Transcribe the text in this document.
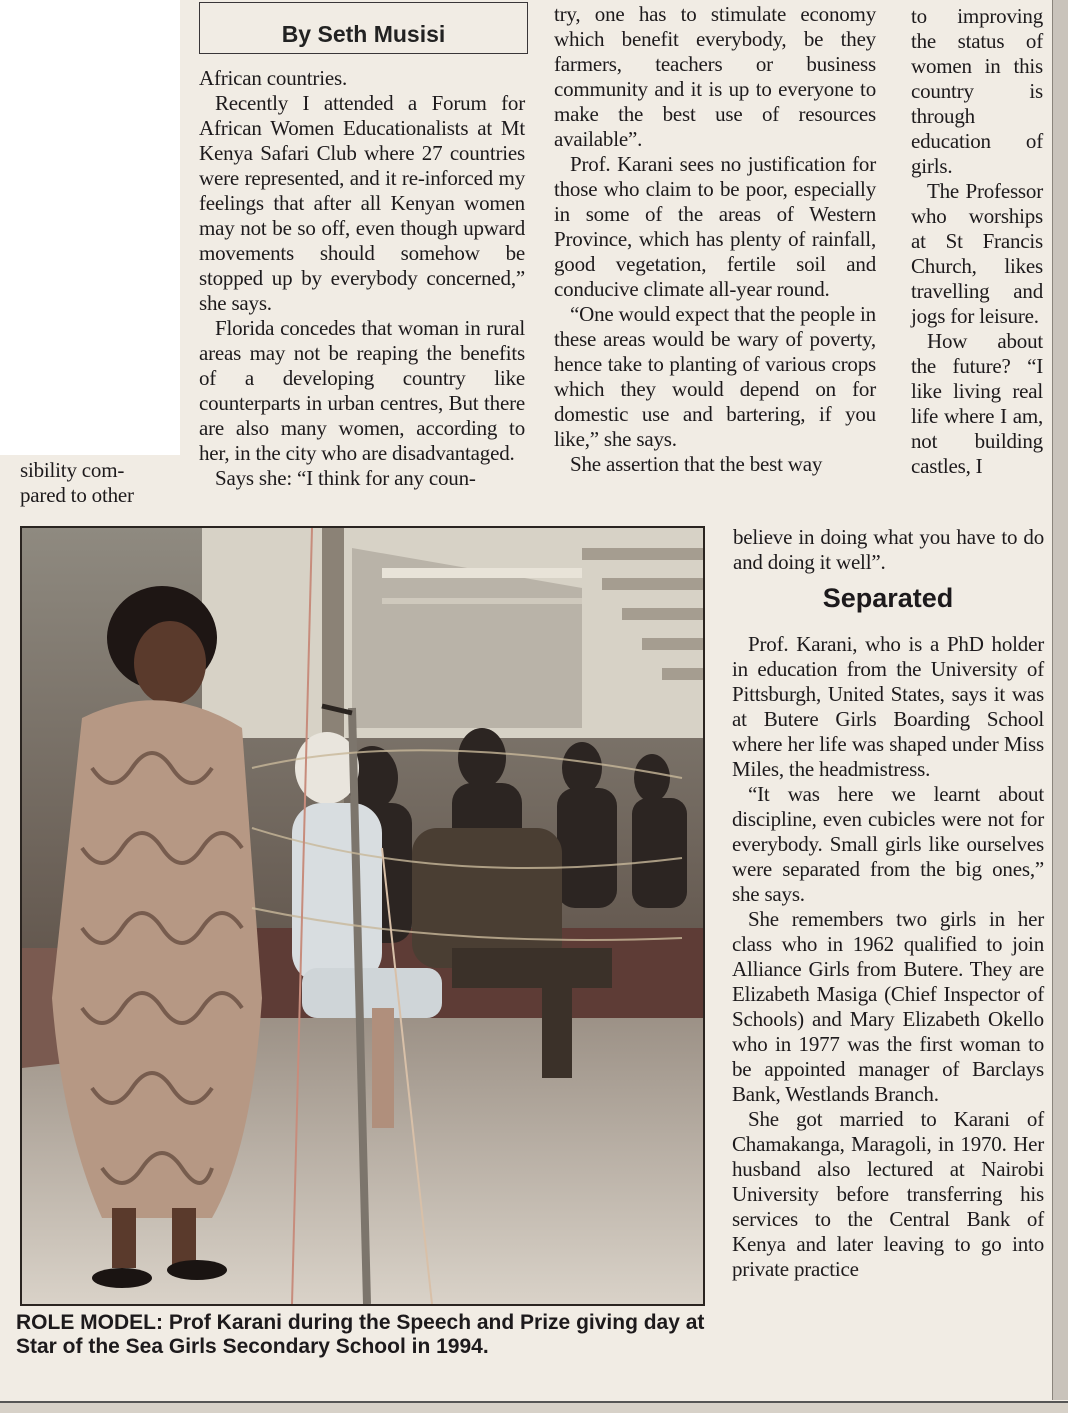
sibility com-
pared to other
By Seth Musisi

African countries.

Recently I attended a Forum for African Women Educationalists at Mt Kenya Safari Club where 27 countries were represented, and it re-inforced my feelings that after all Kenyan women may not be so off, even though upward movements should somehow be stopped up by everybody concerned,” she says.

Florida concedes that woman in rural areas may not be reaping the benefits of a developing country like counterparts in urban centres, But there are also many women, according to her, in the city who are disadvantaged.

Says she: “I think for any coun-

try, one has to stimulate economy which benefit everybody, be they farmers, teachers or business community and it is up to everyone to make the best use of resources available”.

Prof. Karani sees no justification for those who claim to be poor, especially in some of the areas of Western Province, which has plenty of rainfall, good vegetation, fertile soil and conducive climate all-year round.

“One would expect that the people in these areas would be wary of poverty, hence take to planting of various crops which they would depend on for domestic use and bartering, if you like,” she says.

She assertion that the best way

to improving the status of women in this country is through education of girls.

The Professor who worships at St Francis Church, likes travelling and jogs for leisure.

How about the future? “I like living real life where I am, not building castles, I

believe in doing what you have to do and doing it well”.

Separated

Prof. Karani, who is a PhD holder in education from the University of Pittsburgh, United States, says it was at Butere Girls Boarding School where her life was shaped under Miss Miles, the headmistress.

“It was here we learnt about discipline, even cubicles were not for everybody. Small girls like ourselves were separated from the big ones,” she says.

She remembers two girls in her class who in 1962 qualified to join Alliance Girls from Butere. They are Elizabeth Masiga (Chief Inspector of Schools) and Mary Elizabeth Okello who in 1977 was the first woman to be appointed manager of Barclays Bank, Westlands Branch.

She got married to Karani of Chamakanga, Maragoli, in 1970. Her husband also lectured at Nairobi University before transferring his services to the Central Bank of Kenya and later leaving to go into private practice

ROLE MODEL: Prof Karani during the Speech and Prize giving day at Star of the Sea Girls Secondary School in 1994.
